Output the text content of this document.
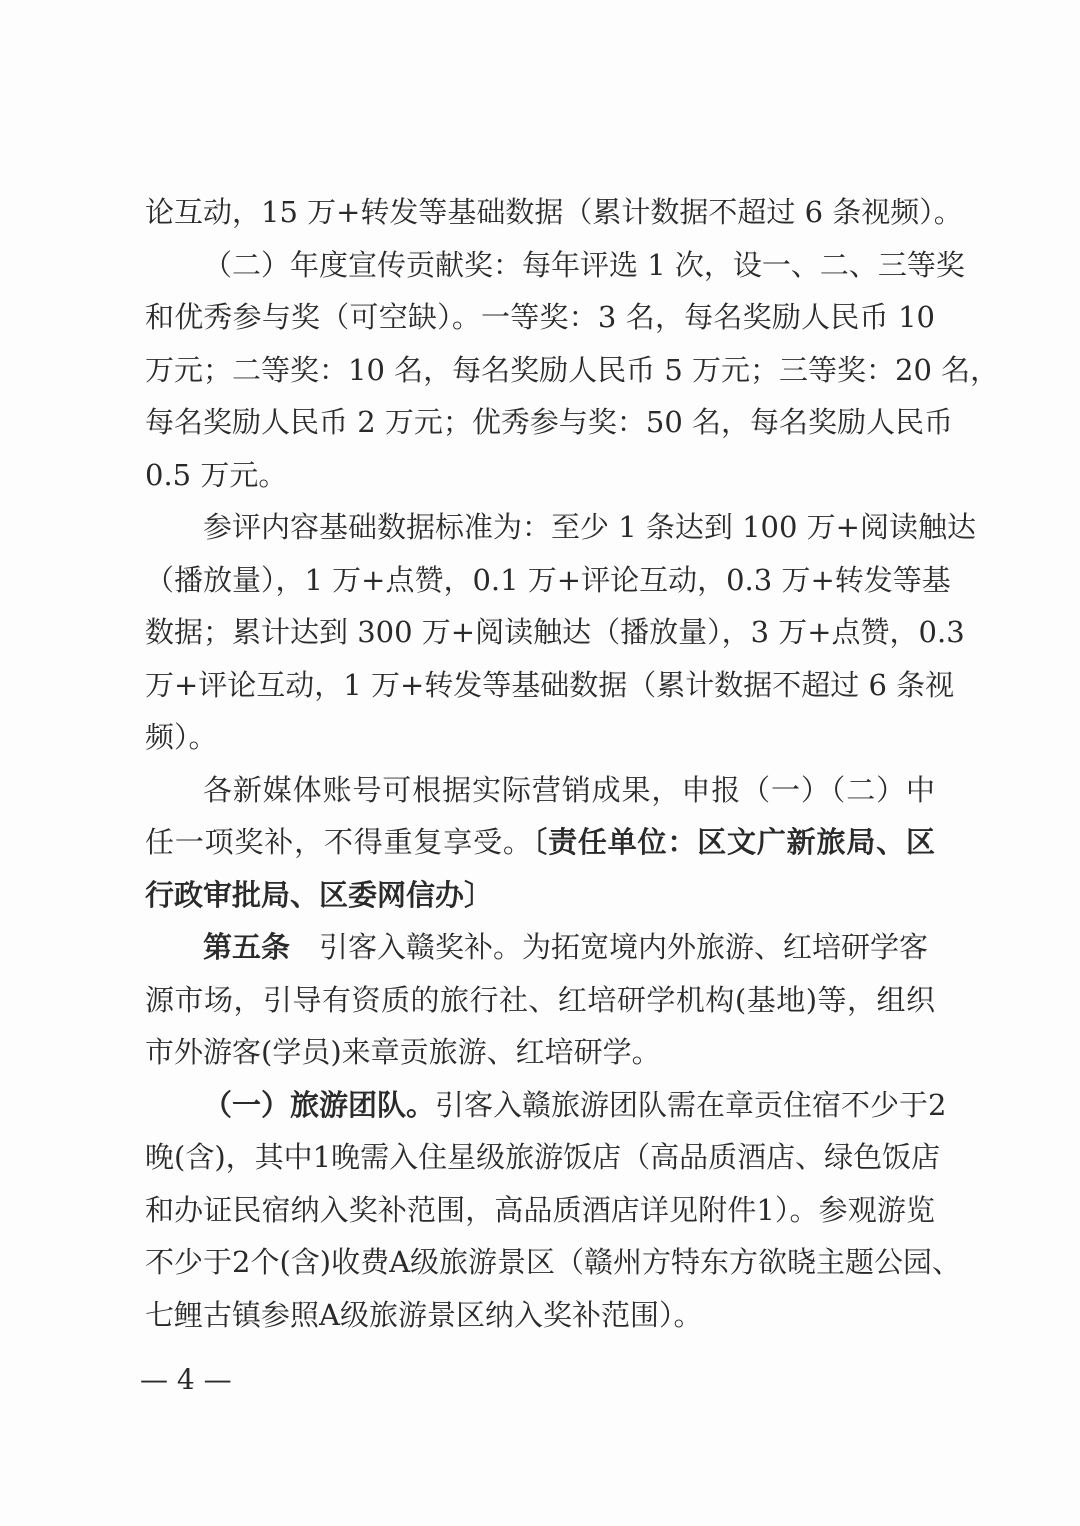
论互动，15 万+转发等基础数据（累计数据不超过 6 条视频）。
（二）年度宣传贡献奖：每年评选 1 次，设一、二、三等奖
和优秀参与奖（可空缺）。一等奖：3 名，每名奖励人民币 10
万元；二等奖：10 名，每名奖励人民币 5 万元；三等奖：20 名，
每名奖励人民币 2 万元；优秀参与奖：50 名，每名奖励人民币
0.5 万元。
参评内容基础数据标准为：至少 1 条达到 100 万+阅读触达
（播放量），1 万+点赞，0.1 万+评论互动，0.3 万+转发等基
数据；累计达到 300 万+阅读触达（播放量），3 万+点赞，0.3
万+评论互动，1 万+转发等基础数据（累计数据不超过 6 条视
频）。
各新媒体账号可根据实际营销成果，申报（一）（二）中
任一项奖补，不得重复享受。〔责任单位：区文广新旅局、区
行政审批局、区委网信办〕
第五条　 引客入赣奖补。为拓宽境内外旅游、红培研学客
源市场，引导有资质的旅行社、红培研学机构(基地)等，组织
市外游客(学员)来章贡旅游、红培研学。
（一）旅游团队。引客入赣旅游团队需在章贡住宿不少于2
晚(含)，其中1晚需入住星级旅游饭店（高品质酒店、绿色饭店
和办证民宿纳入奖补范围，高品质酒店详见附件1）。参观游览
不少于2个(含)收费A级旅游景区（赣州方特东方欲晓主题公园、
七鲤古镇参照A级旅游景区纳入奖补范围）。
— 4 —
